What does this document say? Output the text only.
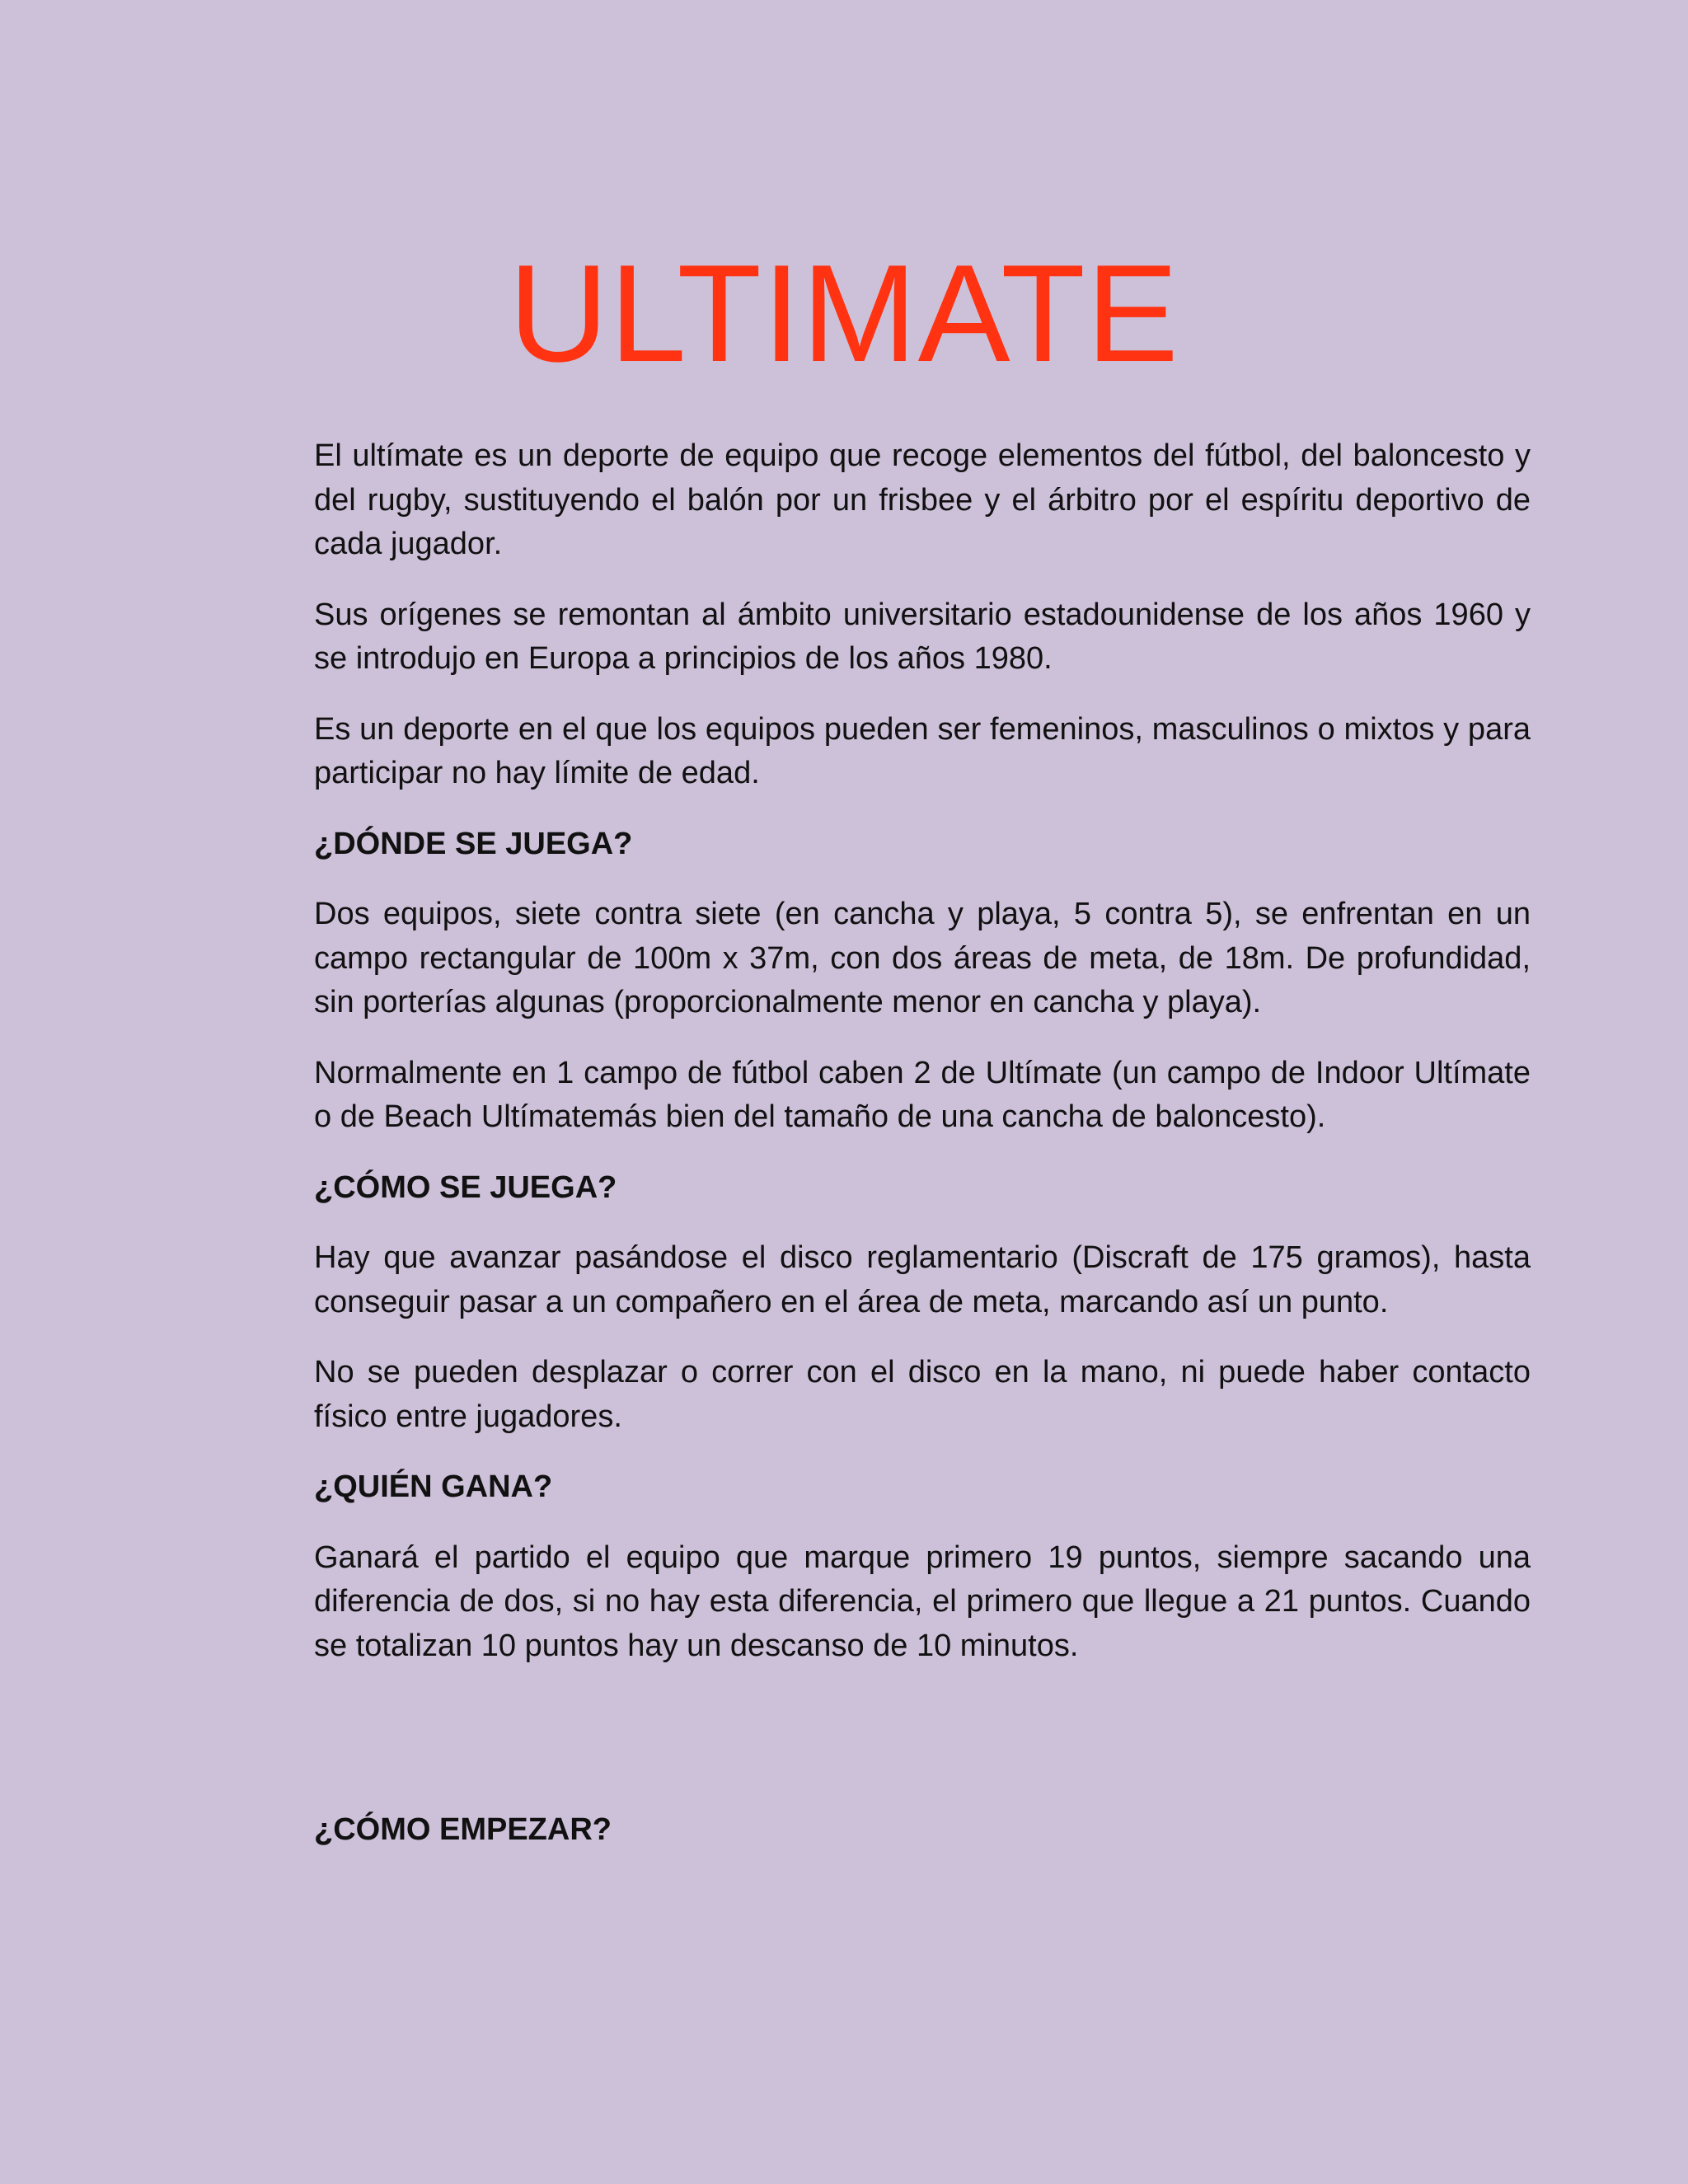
ULTIMATE

El ultímate es un deporte de equipo que recoge elementos del fútbol, del baloncesto y del rugby, sustituyendo el balón por un frisbee y el árbitro por el espíritu deportivo de cada jugador.

Sus orígenes se remontan al ámbito universitario estadounidense de los años 1960 y se introdujo en Europa a principios de los años 1980.

Es un deporte en el que los equipos pueden ser femeninos, masculinos o mixtos y para participar no hay límite de edad.

¿DÓNDE SE JUEGA?

Dos equipos, siete contra siete (en cancha y playa, 5 contra 5), se enfrentan en un campo rectangular de 100m x 37m, con dos áreas de meta, de 18m. De profundidad, sin porterías algunas (proporcionalmente menor en cancha y playa).

Normalmente en 1 campo de fútbol caben 2 de Ultímate (un campo de Indoor Ultímate o de Beach Ultímatemás bien del tamaño de una cancha de baloncesto).

¿CÓMO SE JUEGA?

Hay que avanzar pasándose el disco reglamentario (Discraft de 175 gramos), hasta conseguir pasar a un compañero en el área de meta, marcando así un punto.

No se pueden desplazar o correr con el disco en la mano, ni puede haber contacto físico entre jugadores.

¿QUIÉN GANA?

Ganará el partido el equipo que marque primero 19 puntos, siempre sacando una diferencia de dos, si no hay esta diferencia, el primero que llegue a 21 puntos. Cuando se totalizan 10 puntos hay un descanso de 10 minutos.

¿CÓMO EMPEZAR?
